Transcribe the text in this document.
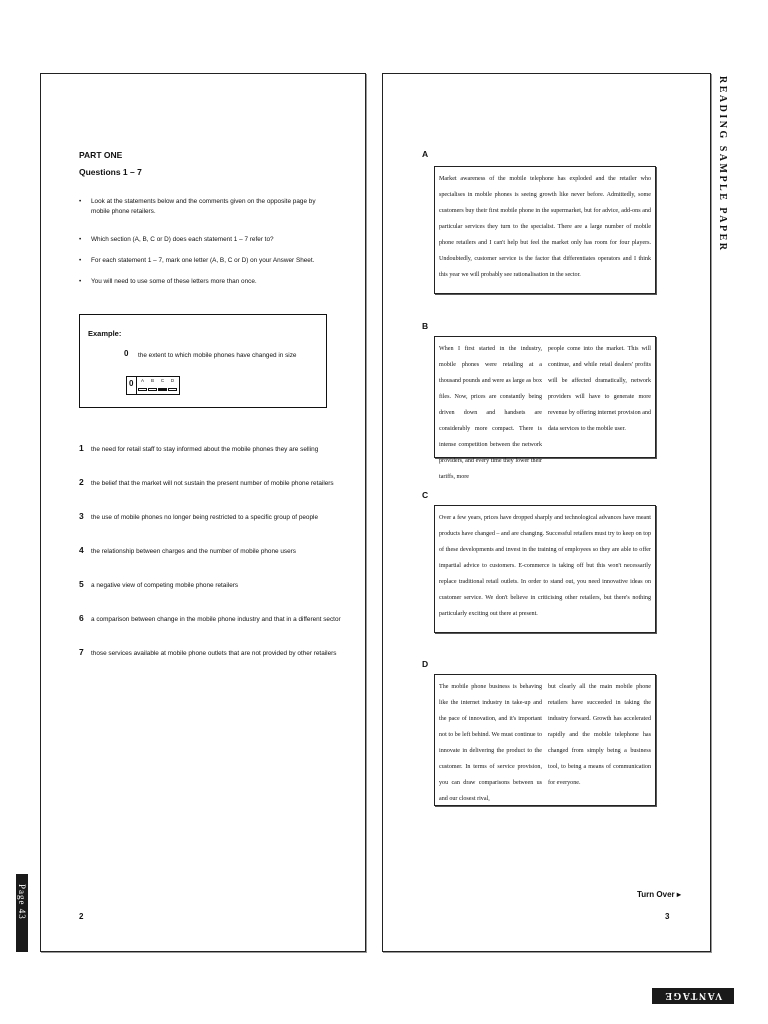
PART ONE
Questions 1 – 7
• Look at the statements below and the comments given on the opposite page by mobile phone retailers.
• Which section (A, B, C or D) does each statement 1 – 7 refer to?
• For each statement 1 – 7, mark one letter (A, B, C or D) on your Answer Sheet.
• You will need to use some of these letters more than once.
Example:
0 the extent to which mobile phones have changed in size
0	A	B	C	D
1 the need for retail staff to stay informed about the mobile phones they are selling
2 the belief that the market will not sustain the present number of mobile phone retailers
3 the use of mobile phones no longer being restricted to a specific group of people
4 the relationship between charges and the number of mobile phone users
5 a negative view of competing mobile phone retailers
6 a comparison between change in the mobile phone industry and that in a different sector
7 those services available at mobile phone outlets that are not provided by other retailers
2
A
Market awareness of the mobile telephone has exploded and the retailer who specialises in mobile phones is seeing growth like never before. Admittedly, some customers buy their first mobile phone in the supermarket, but for advice, add-ons and particular services they turn to the specialist. There are a large number of mobile phone retailers and I can't help but feel the market only has room for four players. Undoubtedly, customer service is the factor that differentiates operators and I think this year we will probably see rationalisation in the sector.
B
When I first started in the industry, mobile phones were retailing at a thousand pounds and were as large as box files. Now, prices are constantly being driven down and handsets are considerably more compact. There is intense competition between the network providers, and every time they lower their tariffs, more
people come into the market. This will continue, and while retail dealers' profits will be affected dramatically, network providers will have to generate more revenue by offering internet provision and data services to the mobile user.
C
Over a few years, prices have dropped sharply and technological advances have meant products have changed – and are changing. Successful retailers must try to keep on top of these developments and invest in the training of employees so they are able to offer impartial advice to customers. E-commerce is taking off but this won't necessarily replace traditional retail outlets. In order to stand out, you need innovative ideas on customer service. We don't believe in criticising other retailers, but there's nothing particularly exciting out there at present.
D
The mobile phone business is behaving like the internet industry in take-up and the pace of innovation, and it's important not to be left behind. We must continue to innovate in delivering the product to the customer. In terms of service provision, you can draw comparisons between us and our closest rival,
but clearly all the main mobile phone retailers have succeeded in taking the industry forward. Growth has accelerated rapidly and the mobile telephone has changed from simply being a business tool, to being a means of communication for everyone.
Turn Over ▸
3
READING SAMPLE PAPER
Page 43
BEC VANTAGE
